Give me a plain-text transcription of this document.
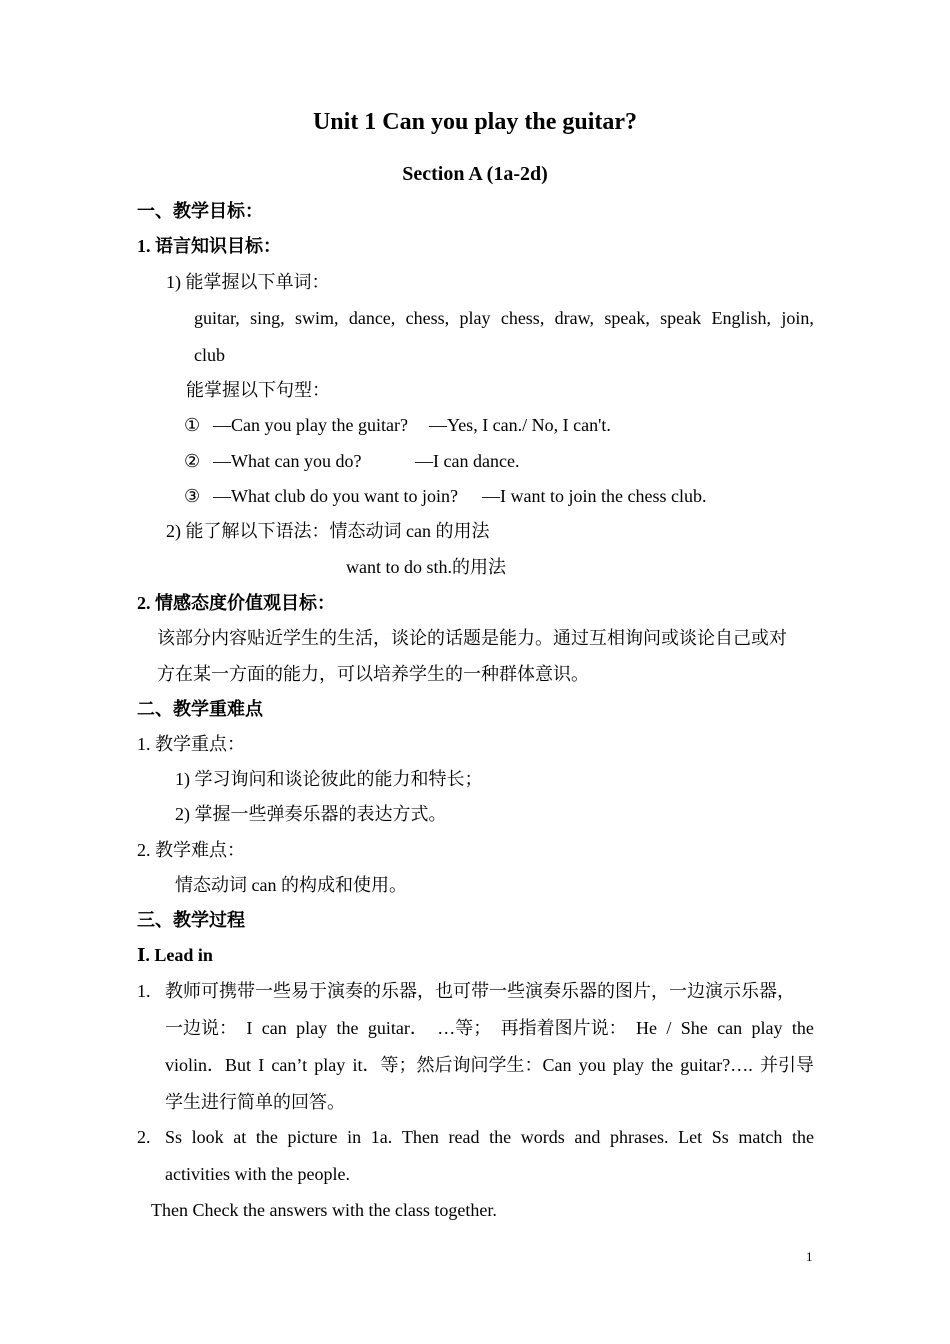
Unit 1 Can you play the guitar?
Section A (1a-2d)
一、教学目标：
1. 语言知识目标：
1) 能掌握以下单词：
guitar, sing, swim, dance, chess, play chess, draw, speak, speak English, join,
club
能掌握以下句型：
① —Can you play the guitar? —Yes, I can./ No, I can't.
② —What can you do?	—I can dance.
③ —What club do you want to join? —I want to join the chess club.
2) 能了解以下语法：情态动词 can 的用法
want to do sth.的用法
2. 情感态度价值观目标：
该部分内容贴近学生的生活，谈论的话题是能力。通过互相询问或谈论自己或对
方在某一方面的能力，可以培养学生的一种群体意识。
二、教学重难点
1. 教学重点：
1) 学习询问和谈论彼此的能力和特长；
2) 掌握一些弹奏乐器的表达方式。
2. 教学难点：
情态动词 can 的构成和使用。
三、教学过程
Ⅰ. Lead in
1. 教师可携带一些易于演奏的乐器，也可带一些演奏乐器的图片，一边演示乐器，
一边说： I can play the guitar． …等； 再指着图片说： He / She can play the
violin．But I can’t play it．等；然后询问学生：Can you play the guitar?…. 并引导
学生进行简单的回答。
2. Ss look at the picture in 1a. Then read the words and phrases. Let Ss match the
activities with the people.
Then Check the answers with the class together.
1
